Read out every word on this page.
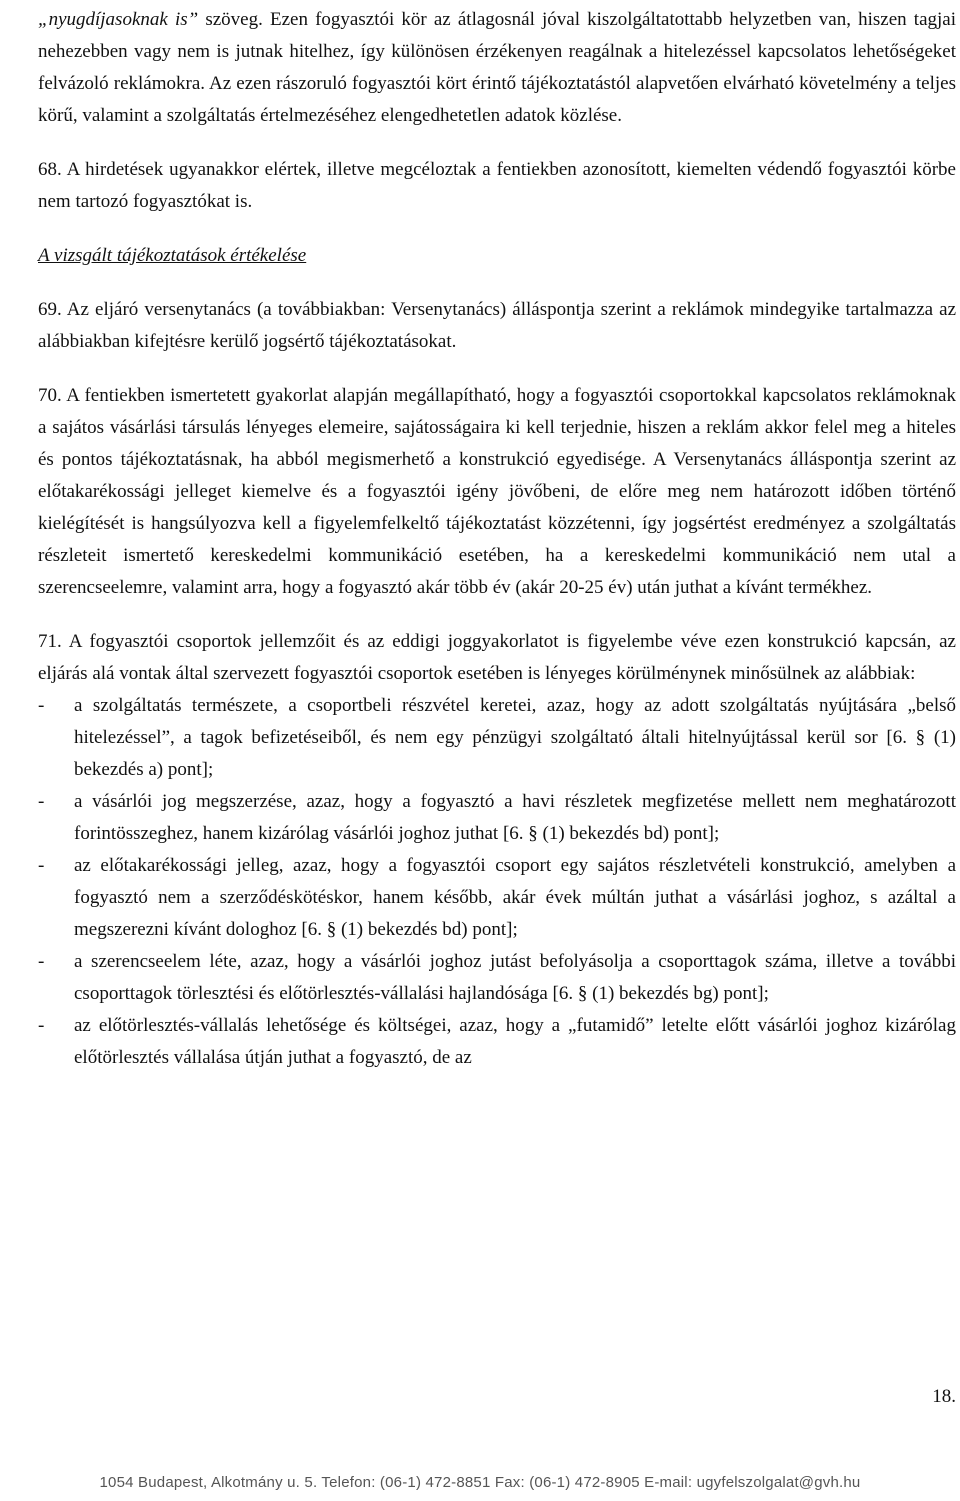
„nyugdíjasoknak is” szöveg. Ezen fogyasztói kör az átlagosnál jóval kiszolgáltatottabb helyzetben van, hiszen tagjai nehezebben vagy nem is jutnak hitelhez, így különösen érzékenyen reagálnak a hitelezéssel kapcsolatos lehetőségeket felvázoló reklámokra. Az ezen rászoruló fogyasztói kört érintő tájékoztatástól alapvetően elvárható követelmény a teljes körű, valamint a szolgáltatás értelmezéséhez elengedhetetlen adatok közlése.

68. A hirdetések ugyanakkor elértek, illetve megcéloztak a fentiekben azonosított, kiemelten védendő fogyasztói körbe nem tartozó fogyasztókat is.

A vizsgált tájékoztatások értékelése

69. Az eljáró versenytanács (a továbbiakban: Versenytanács) álláspontja szerint a reklámok mindegyike tartalmazza az alábbiakban kifejtésre kerülő jogsértő tájékoztatásokat.

70. A fentiekben ismertetett gyakorlat alapján megállapítható, hogy a fogyasztói csoportokkal kapcsolatos reklámoknak a sajátos vásárlási társulás lényeges elemeire, sajátosságaira ki kell terjednie, hiszen a reklám akkor felel meg a hiteles és pontos tájékoztatásnak, ha abból megismerhető a konstrukció egyedisége. A Versenytanács álláspontja szerint az előtakarékossági jelleget kiemelve és a fogyasztói igény jövőbeni, de előre meg nem határozott időben történő kielégítését is hangsúlyozva kell a figyelemfelkeltő tájékoztatást közzétenni, így jogsértést eredményez a szolgáltatás részleteit ismertető kereskedelmi kommunikáció esetében, ha a kereskedelmi kommunikáció nem utal a szerencseelemre, valamint arra, hogy a fogyasztó akár több év (akár 20-25 év) után juthat a kívánt termékhez.

71. A fogyasztói csoportok jellemzőit és az eddigi joggyakorlatot is figyelembe véve ezen konstrukció kapcsán, az eljárás alá vontak által szervezett fogyasztói csoportok esetében is lényeges körülménynek minősülnek az alábbiak:

- a szolgáltatás természete, a csoportbeli részvétel keretei, azaz, hogy az adott szolgáltatás nyújtására „belső hitelezéssel”, a tagok befizetéseiből, és nem egy pénzügyi szolgáltató általi hitelnyújtással kerül sor [6. § (1) bekezdés a) pont];
- a vásárlói jog megszerzése, azaz, hogy a fogyasztó a havi részletek megfizetése mellett nem meghatározott forintösszeghez, hanem kizárólag vásárlói joghoz juthat [6. § (1) bekezdés bd) pont];
- az előtakarékossági jelleg, azaz, hogy a fogyasztói csoport egy sajátos részletvételi konstrukció, amelyben a fogyasztó nem a szerződéskötéskor, hanem később, akár évek múltán juthat a vásárlási joghoz, s azáltal a megszerezni kívánt dologhoz [6. § (1) bekezdés bd) pont];
- a szerencseelem léte, azaz, hogy a vásárlói joghoz jutást befolyásolja a csoporttagok száma, illetve a további csoporttagok törlesztési és előtörlesztés-vállalási hajlandósága [6. § (1) bekezdés bg) pont];
- az előtörlesztés-vállalás lehetősége és költségei, azaz, hogy a „futamidő” letelte előtt vásárlói joghoz kizárólag előtörlesztés vállalása útján juthat a fogyasztó, de az
18.
1054 Budapest, Alkotmány u. 5. Telefon: (06-1) 472-8851 Fax: (06-1) 472-8905 E-mail: ugyfelszolgalat@gvh.hu
